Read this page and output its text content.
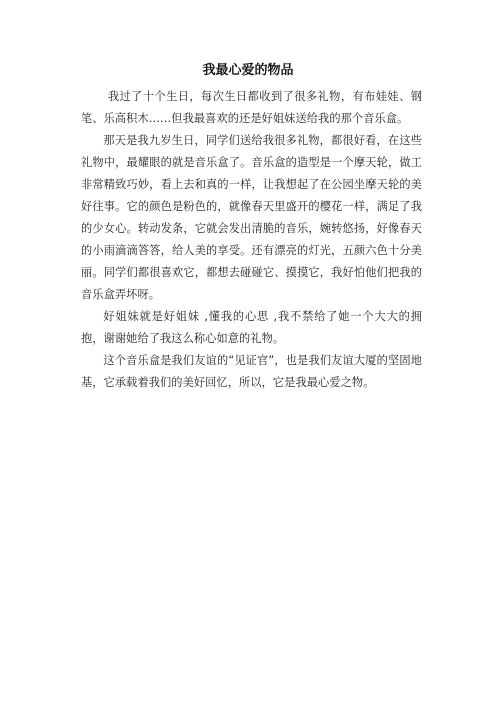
我最心爱的物品

我过了十个生日，每次生日都收到了很多礼物，有布娃娃、钢笔、乐高积木……但我最喜欢的还是好姐妹送给我的那个音乐盒。

那天是我九岁生日，同学们送给我很多礼物，都很好看，在这些礼物中，最耀眼的就是音乐盒了。音乐盒的造型是一个摩天轮，做工非常精致巧妙，看上去和真的一样，让我想起了在公园坐摩天轮的美好往事。它的颜色是粉色的，就像春天里盛开的樱花一样，满足了我的少女心。转动发条，它就会发出清脆的音乐，婉转悠扬，好像春天的小雨滴滴答答，给人美的享受。还有漂亮的灯光，五颜六色十分美丽。同学们都很喜欢它，都想去碰碰它、摸摸它，我好怕他们把我的音乐盒弄坏呀。

好姐妹就是好姐妹 ,懂我的心思 ,我不禁给了她一个大大的拥抱，谢谢她给了我这么称心如意的礼物。

这个音乐盒是我们友谊的“见证官”，也是我们友谊大厦的坚固地基，它承载着我们的美好回忆，所以，它是我最心爱之物。
